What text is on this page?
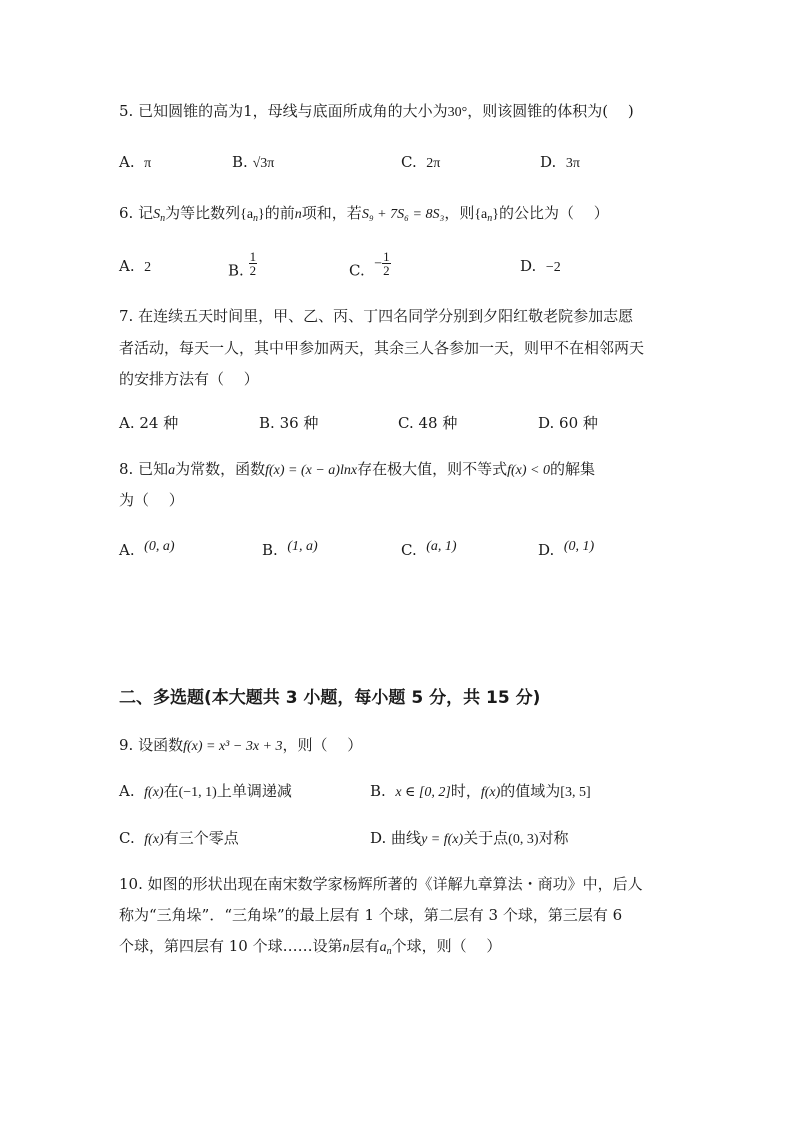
5. 已知圆锥的高为1，母线与底面所成角的大小为30°，则该圆锥的体积为(　 )
A. π	B. √3π	C. 2π	D. 3π
6. 记$S_n$为等比数列$\{a_n\}$的前n项和，若S₉ + 7S₆ = 8S₃，则$\{a_n\}$的公比为（　 ）
A. 2	B. $\frac{1}{2}$	C. − $\frac{1}{2}$	D. −2
7. 在连续五天时间里，甲、乙、丙、丁四名同学分别到夕阳红敬老院参加志愿
者活动，每天一人，其中甲参加两天，其余三人各参加一天，则甲不在相邻两天
的安排方法有（　 ）
A. 24 种	B. 36 种	C. 48 种	D. 60 种
8. 已知a为常数，函数f(x) = (x − a)lnx存在极大值，则不等式f(x) < 0的解集
为（　 ）
A. (0, a)	B. (1, a)	C. (a, 1)	D. (0, 1)
二、多选题(本大题共 3 小题，每小题 5 分，共 15 分)
9. 设函数f(x) = x³ − 3x + 3，则（　 ）
A. f(x)在(−1, 1)上单调递减	B. x ∈ [0, 2]时，f(x)的值域为[3, 5]
C. f(x)有三个零点	D. 曲线y = f(x)关于点(0, 3)对称
10. 如图的形状出现在南宋数学家杨辉所著的《详解九章算法・商功》中，后人
称为“三角垛”．“三角垛”的最上层有 1 个球，第二层有 3 个球，第三层有 6
个球，第四层有 10 个球……设第n层有$a_n$个球，则（　 ）
